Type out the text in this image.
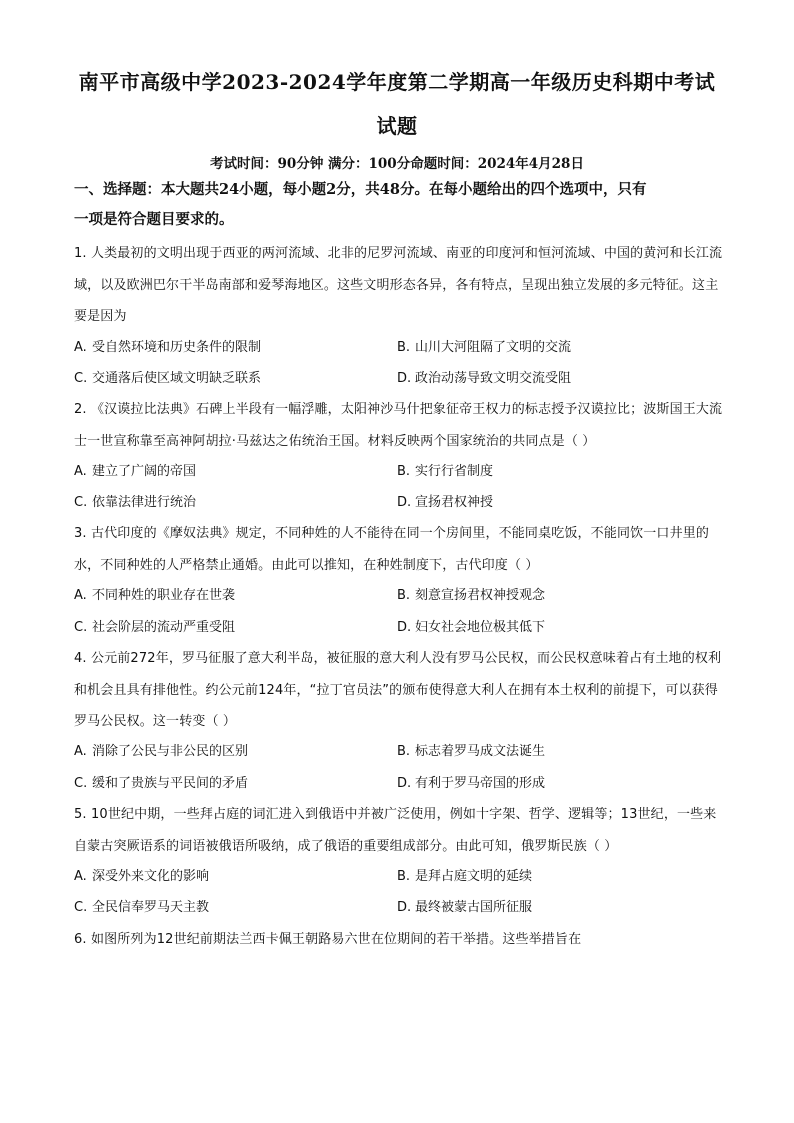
南平市高级中学2023-2024学年度第二学期高一年级历史科期中考试
试题
考试时间：90分钟 满分：100分命题时间：2024年4月28日
一、选择题：本大题共24小题，每小题2分，共48分。在每小题给出的四个选项中，只有
一项是符合题目要求的。
1. 人类最初的文明出现于西亚的两河流域、北非的尼罗河流域、南亚的印度河和恒河流域、中国的黄河和长江流域，以及欧洲巴尔干半岛南部和爱琴海地区。这些文明形态各异，各有特点，呈现出独立发展的多元特征。这主要是因为
A. 受自然环境和历史条件的限制	B. 山川大河阻隔了文明的交流
C. 交通落后使区域文明缺乏联系	D. 政治动荡导致文明交流受阻
2. 《汉谟拉比法典》石碑上半段有一幅浮雕，太阳神沙马什把象征帝王权力的标志授予汉谟拉比；波斯国王大流士一世宣称靠至高神阿胡拉·马兹达之佑统治王国。材料反映两个国家统治的共同点是（ ）
A. 建立了广阔的帝国	B. 实行行省制度
C. 依靠法律进行统治	D. 宣扬君权神授
3. 古代印度的《摩奴法典》规定，不同种姓的人不能待在同一个房间里，不能同桌吃饭，不能同饮一口井里的水，不同种姓的人严格禁止通婚。由此可以推知，在种姓制度下，古代印度（ ）
A. 不同种姓的职业存在世袭	B. 刻意宣扬君权神授观念
C. 社会阶层的流动严重受阻	D. 妇女社会地位极其低下
4. 公元前272年，罗马征服了意大利半岛，被征服的意大利人没有罗马公民权，而公民权意味着占有土地的权利和机会且具有排他性。约公元前124年，“拉丁官员法”的颁布使得意大利人在拥有本土权利的前提下，可以获得罗马公民权。这一转变（ ）
A. 消除了公民与非公民的区别	B. 标志着罗马成文法诞生
C. 缓和了贵族与平民间的矛盾	D. 有利于罗马帝国的形成
5. 10世纪中期，一些拜占庭的词汇进入到俄语中并被广泛使用，例如十字架、哲学、逻辑等；13世纪，一些来自蒙古突厥语系的词语被俄语所吸纳，成了俄语的重要组成部分。由此可知，俄罗斯民族（ ）
A. 深受外来文化的影响	B. 是拜占庭文明的延续
C. 全民信奉罗马天主教	D. 最终被蒙古国所征服
6. 如图所列为12世纪前期法兰西卡佩王朝路易六世在位期间的若干举措。这些举措旨在
